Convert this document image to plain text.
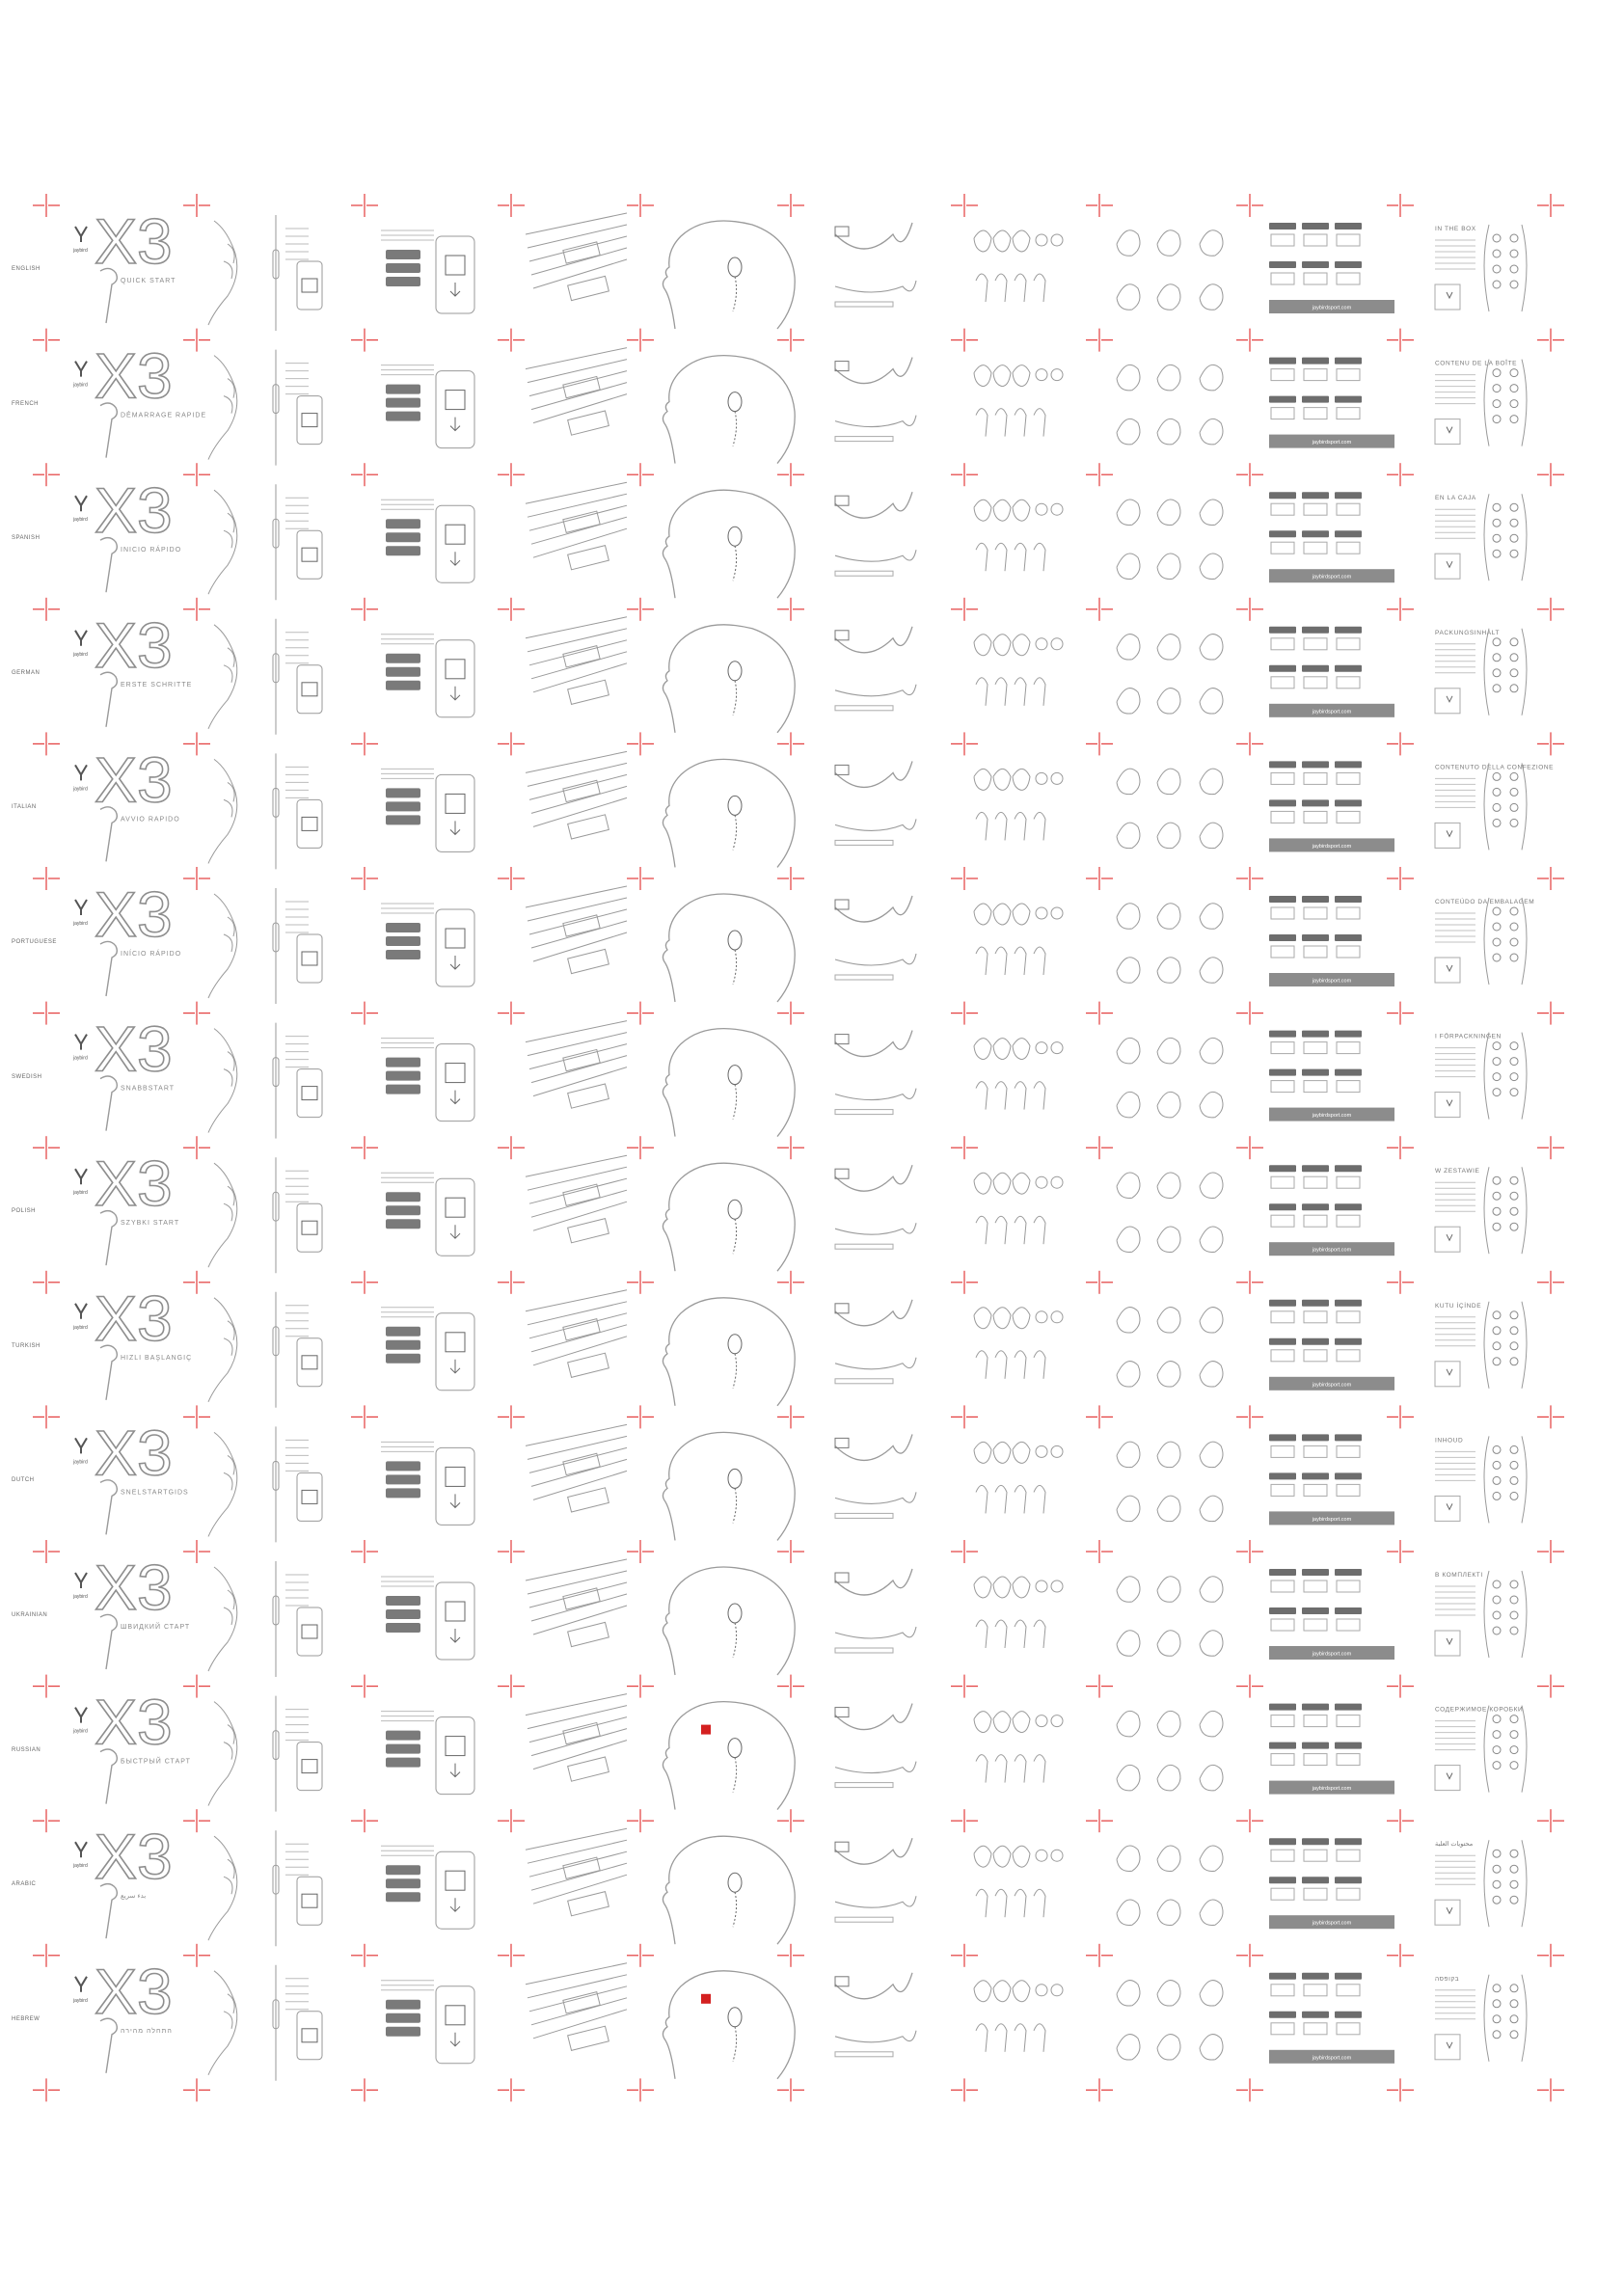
jaybird X3
QUICK START
jaybirdsport.com
IN THE BOX
jaybird X3
DÉMARRAGE RAPIDE
jaybirdsport.com
CONTENU DE LA BOÎTE
jaybird X3
INICIO RÁPIDO
jaybirdsport.com
EN LA CAJA
jaybird X3
ERSTE SCHRITTE
jaybirdsport.com
PACKUNGSINHALT
jaybird X3
AVVIO RAPIDO
jaybirdsport.com
CONTENUTO DELLA CONFEZIONE
jaybird X3
INÍCIO RÁPIDO
jaybirdsport.com
CONTEÚDO DA EMBALAGEM
jaybird X3
SNABBSTART
jaybirdsport.com
I FÖRPACKNINGEN
jaybird X3
SZYBKI START
jaybirdsport.com
W ZESTAWIE
jaybird X3
HIZLI BAŞLANGIÇ
jaybirdsport.com
KUTU İÇİNDE
jaybird X3
SNELSTARTGIDS
jaybirdsport.com
INHOUD
jaybird X3
ШВИДКИЙ СТАРТ
jaybirdsport.com
В КОМПЛЕКТІ
jaybird X3
БЫСТРЫЙ СТАРТ
jaybirdsport.com
СОДЕРЖИМОЕ КОРОБКИ
jaybird X3
بدء سريع
jaybirdsport.com
محتويات العلبة
jaybird X3
התחלה מהירה
jaybirdsport.com
בקופסה
ENGLISH
FRENCH
SPANISH
GERMAN
ITALIAN
PORTUGUESE
SWEDISH
POLISH
TURKISH
DUTCH
UKRAINIAN
RUSSIAN
ARABIC
HEBREW
